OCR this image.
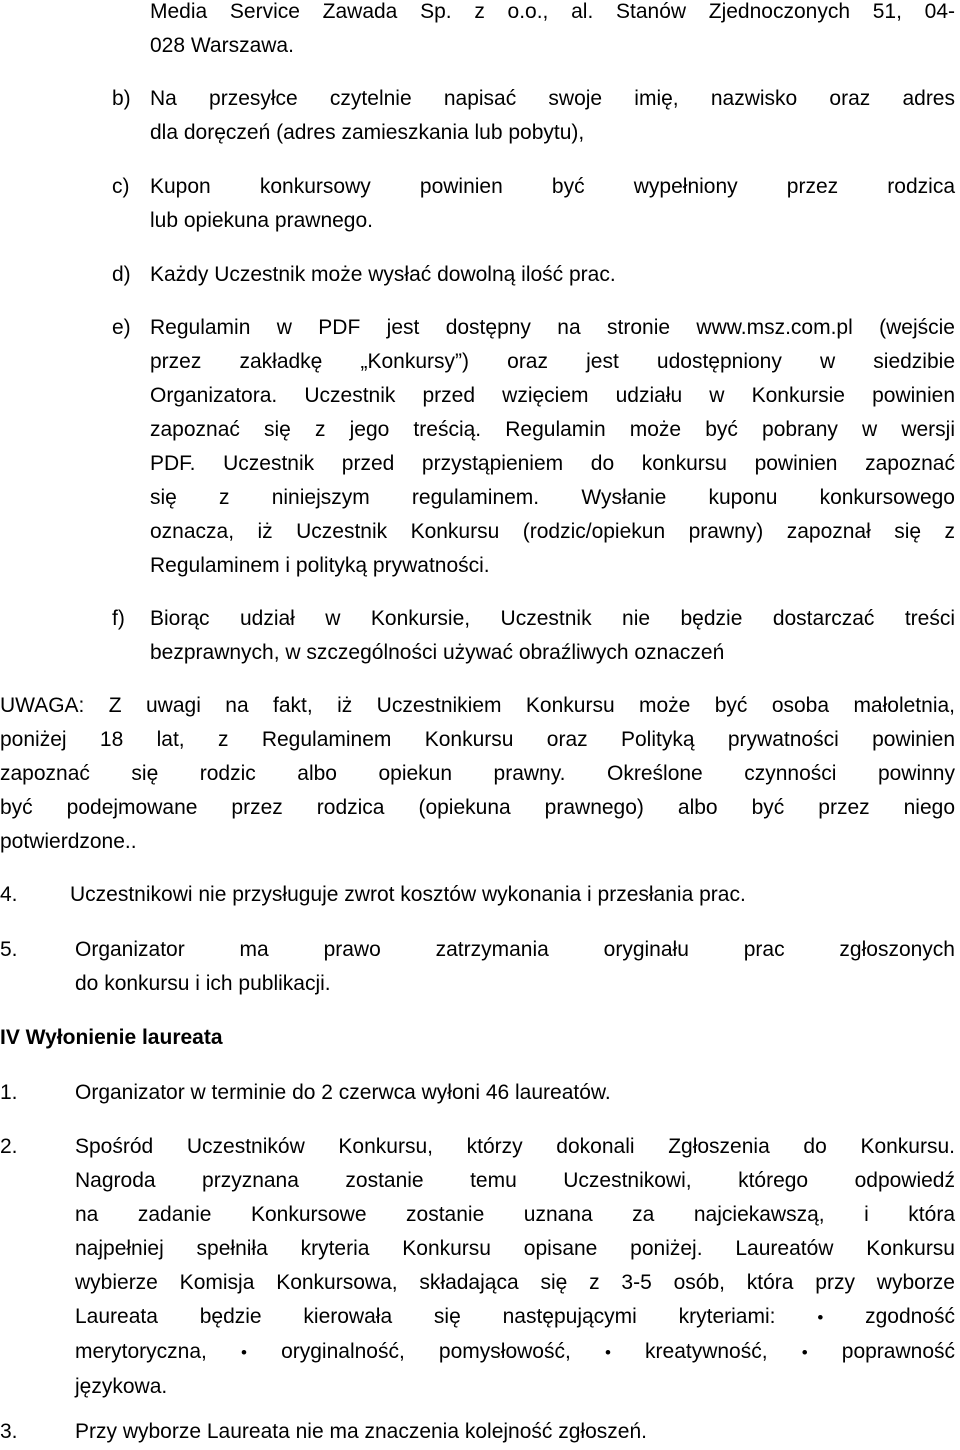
Media Service Zawada Sp. z o.o., al. Stanów Zjednoczonych 51, 04-
028 Warszawa.
b) Na przesyłce czytelnie napisać swoje imię, nazwisko oraz adres
dla doręczeń (adres zamieszkania lub pobytu),
c) Kupon konkursowy powinien być wypełniony przez rodzica
lub opiekuna prawnego.
d) Każdy Uczestnik może wysłać dowolną ilość prac.
e) Regulamin w PDF jest dostępny na stronie www.msz.com.pl (wejście
przez zakładkę „Konkursy”) oraz jest udostępniony w siedzibie
Organizatora. Uczestnik przed wzięciem udziału w Konkursie powinien
zapoznać się z jego treścią. Regulamin może być pobrany w wersji
PDF. Uczestnik przed przystąpieniem do konkursu powinien zapoznać
się z niniejszym regulaminem. Wysłanie kuponu konkursowego
oznacza, iż Uczestnik Konkursu (rodzic/opiekun prawny) zapoznał się z
Regulaminem i polityką prywatności.
f) Biorąc udział w Konkursie, Uczestnik nie będzie dostarczać treści
bezprawnych, w szczególności używać obraźliwych oznaczeń
UWAGA: Z uwagi na fakt, iż Uczestnikiem Konkursu może być osoba małoletnia,
poniżej 18 lat, z Regulaminem Konkursu oraz Polityką prywatności powinien
zapoznać się rodzic albo opiekun prawny. Określone czynności powinny
być podejmowane przez rodzica (opiekuna prawnego) albo być przez niego
potwierdzone..
4. Uczestnikowi nie przysługuje zwrot kosztów wykonania i przesłania prac.
5.	Organizator ma prawo zatrzymania oryginału prac zgłoszonych
do konkursu i ich publikacji.
IV Wyłonienie laureata
1.	Organizator w terminie do 2 czerwca wyłoni 46 laureatów.
2.	Spośród Uczestników Konkursu, którzy dokonali Zgłoszenia do Konkursu.
Nagroda przyznana zostanie temu Uczestnikowi, którego odpowiedź
na zadanie Konkursowe zostanie uznana za najciekawszą, i która
najpełniej spełniła kryteria Konkursu opisane poniżej. Laureatów Konkursu
wybierze Komisja Konkursowa, składająca się z 3-5 osób, która przy wyborze
Laureata będzie kierowała się następującymi kryteriami: • zgodność
merytoryczna, • oryginalność, pomysłowość, • kreatywność, • poprawność
językowa.
3.	Przy wyborze Laureata nie ma znaczenia kolejność zgłoszeń.
